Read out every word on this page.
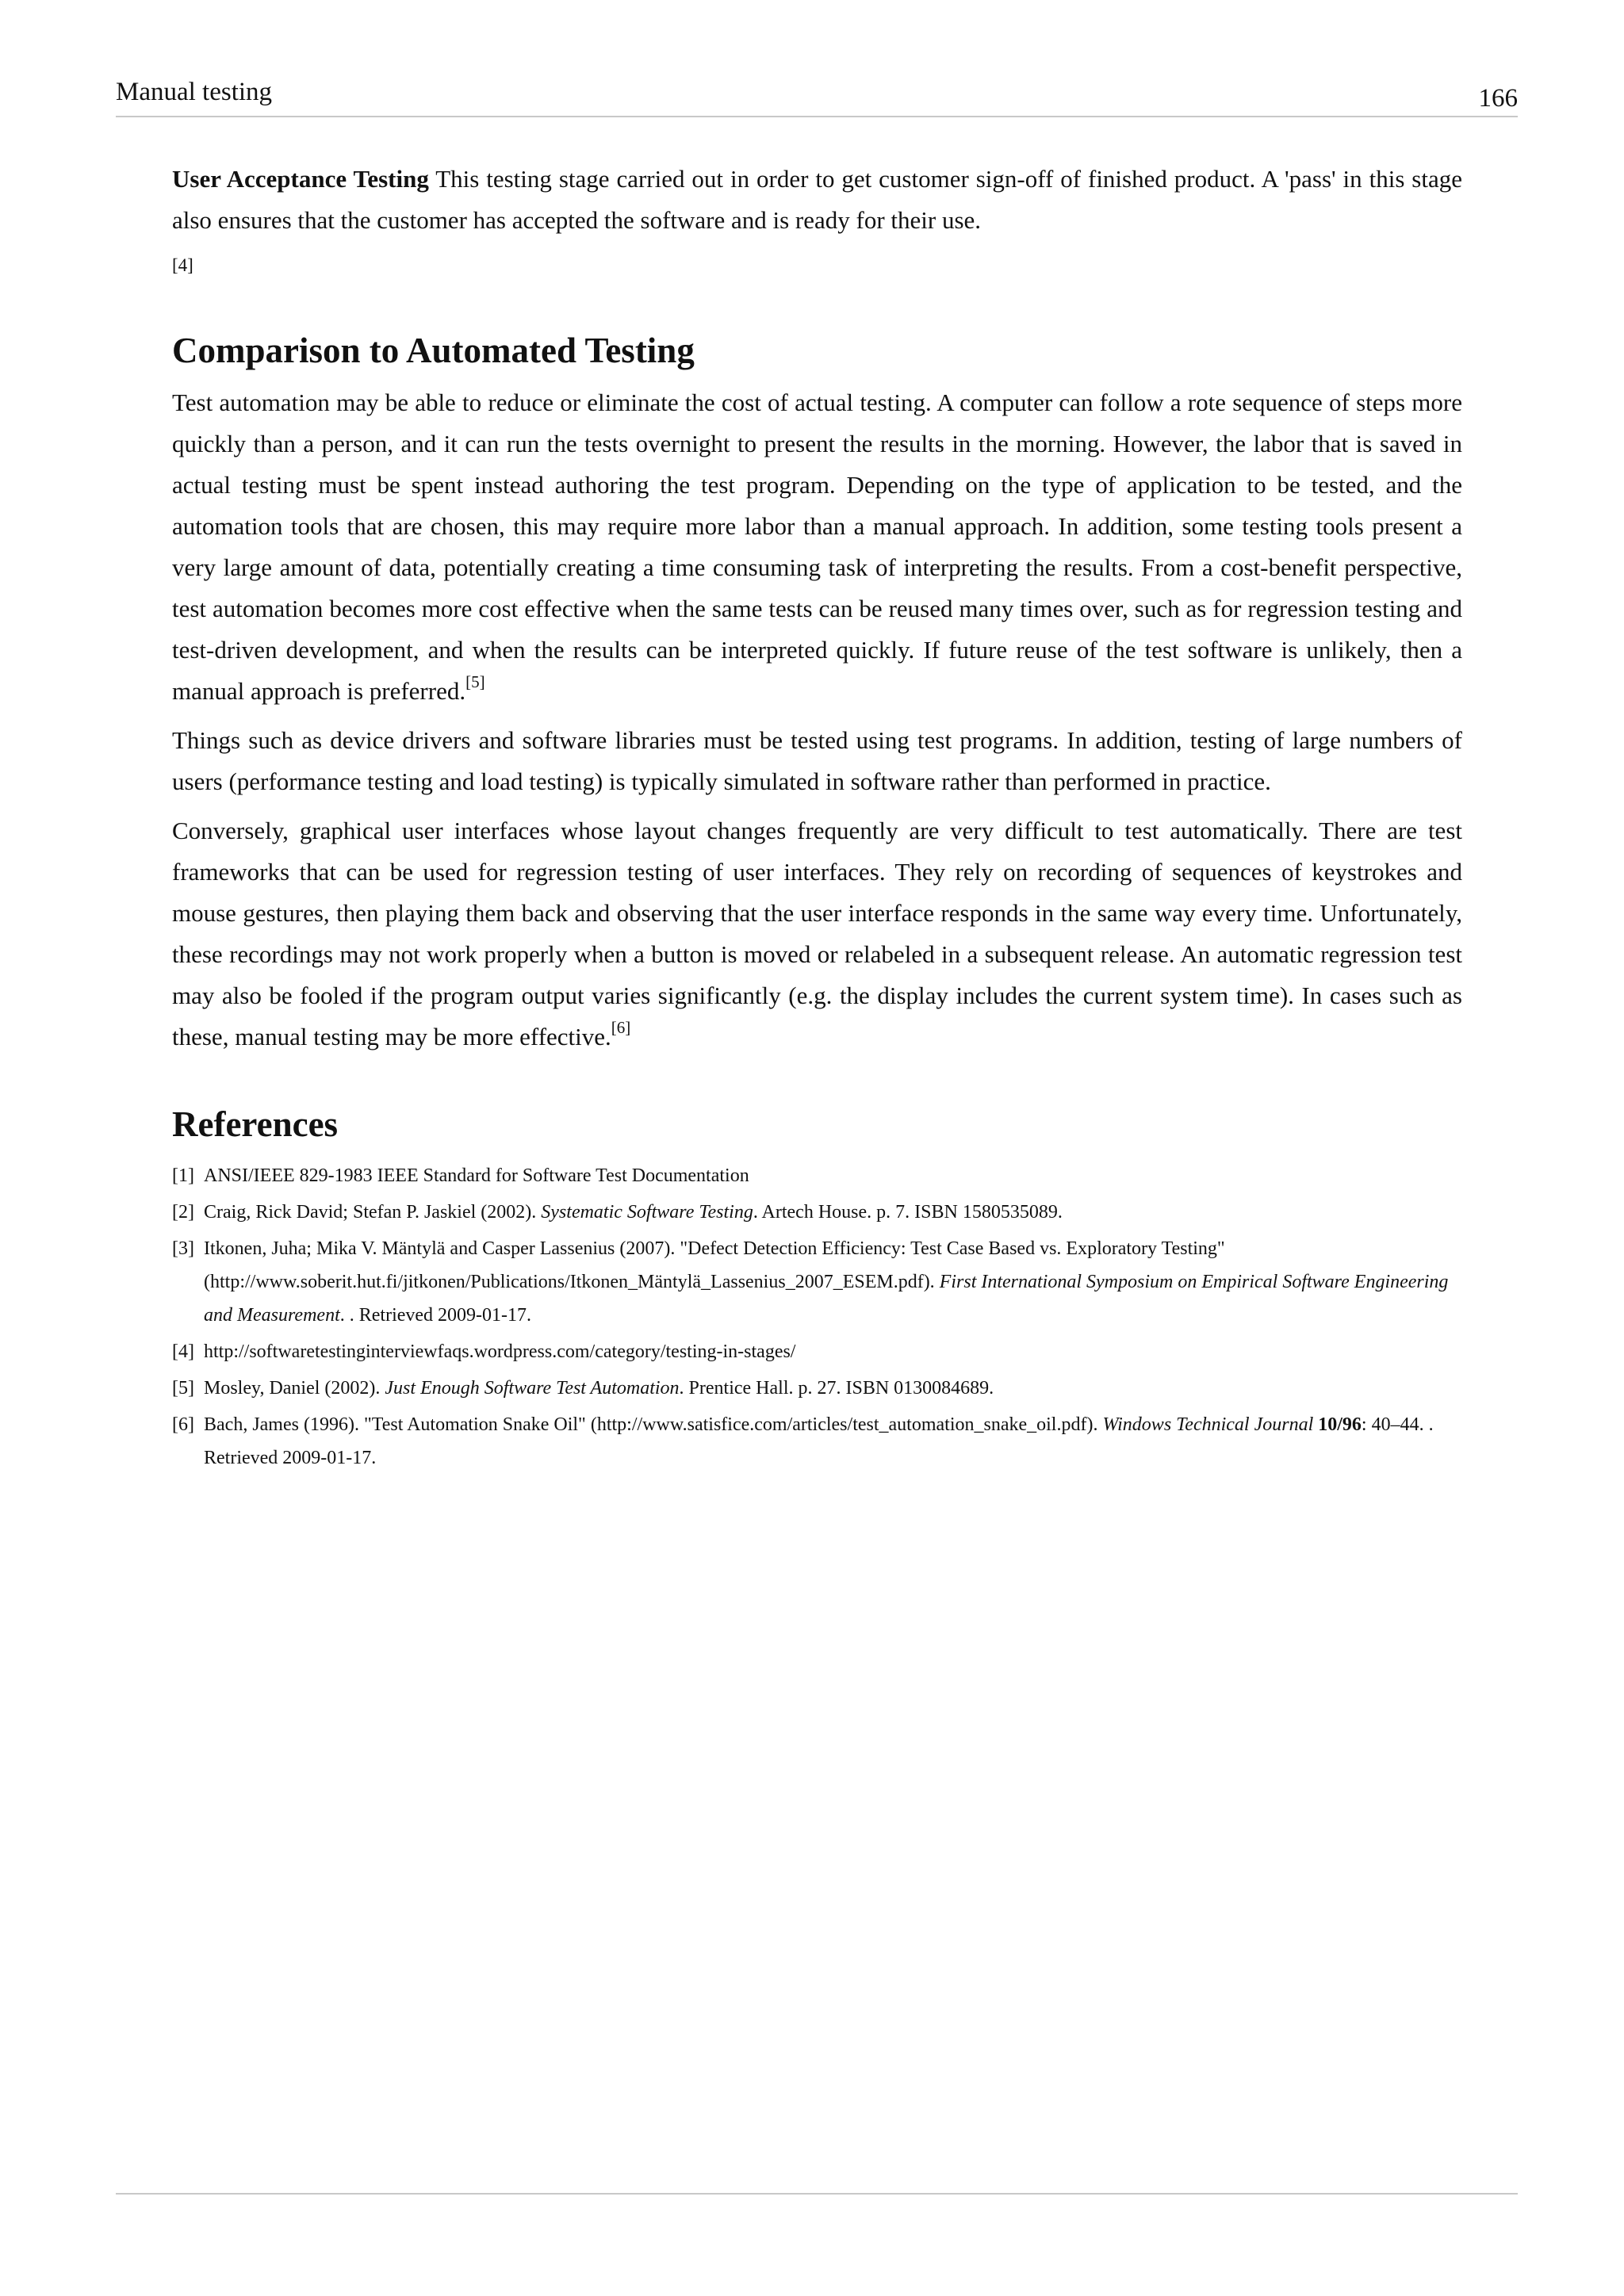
Manual testing	166

User Acceptance Testing This testing stage carried out in order to get customer sign-off of finished product. A 'pass' in this stage also ensures that the customer has accepted the software and is ready for their use.

[4]
Comparison to Automated Testing

Test automation may be able to reduce or eliminate the cost of actual testing. A computer can follow a rote sequence of steps more quickly than a person, and it can run the tests overnight to present the results in the morning. However, the labor that is saved in actual testing must be spent instead authoring the test program. Depending on the type of application to be tested, and the automation tools that are chosen, this may require more labor than a manual approach. In addition, some testing tools present a very large amount of data, potentially creating a time consuming task of interpreting the results. From a cost-benefit perspective, test automation becomes more cost effective when the same tests can be reused many times over, such as for regression testing and test-driven development, and when the results can be interpreted quickly. If future reuse of the test software is unlikely, then a manual approach is preferred.[5]

Things such as device drivers and software libraries must be tested using test programs. In addition, testing of large numbers of users (performance testing and load testing) is typically simulated in software rather than performed in practice.

Conversely, graphical user interfaces whose layout changes frequently are very difficult to test automatically. There are test frameworks that can be used for regression testing of user interfaces. They rely on recording of sequences of keystrokes and mouse gestures, then playing them back and observing that the user interface responds in the same way every time. Unfortunately, these recordings may not work properly when a button is moved or relabeled in a subsequent release. An automatic regression test may also be fooled if the program output varies significantly (e.g. the display includes the current system time). In cases such as these, manual testing may be more effective.[6]

References
[1] ANSI/IEEE 829-1983 IEEE Standard for Software Test Documentation
[2] Craig, Rick David; Stefan P. Jaskiel (2002). Systematic Software Testing. Artech House. p. 7. ISBN 1580535089.
[3] Itkonen, Juha; Mika V. Mäntylä and Casper Lassenius (2007). "Defect Detection Efficiency: Test Case Based vs. Exploratory Testing" (http://www.soberit.hut.fi/jitkonen/Publications/Itkonen_Mäntylä_Lassenius_2007_ESEM.pdf). First International Symposium on Empirical Software Engineering and Measurement. . Retrieved 2009-01-17.
[4] http://softwaretestinginterviewfaqs.wordpress.com/category/testing-in-stages/
[5] Mosley, Daniel (2002). Just Enough Software Test Automation. Prentice Hall. p. 27. ISBN 0130084689.
[6] Bach, James (1996). "Test Automation Snake Oil" (http://www.satisfice.com/articles/test_automation_snake_oil.pdf). Windows Technical Journal 10/96: 40–44. . Retrieved 2009-01-17.
